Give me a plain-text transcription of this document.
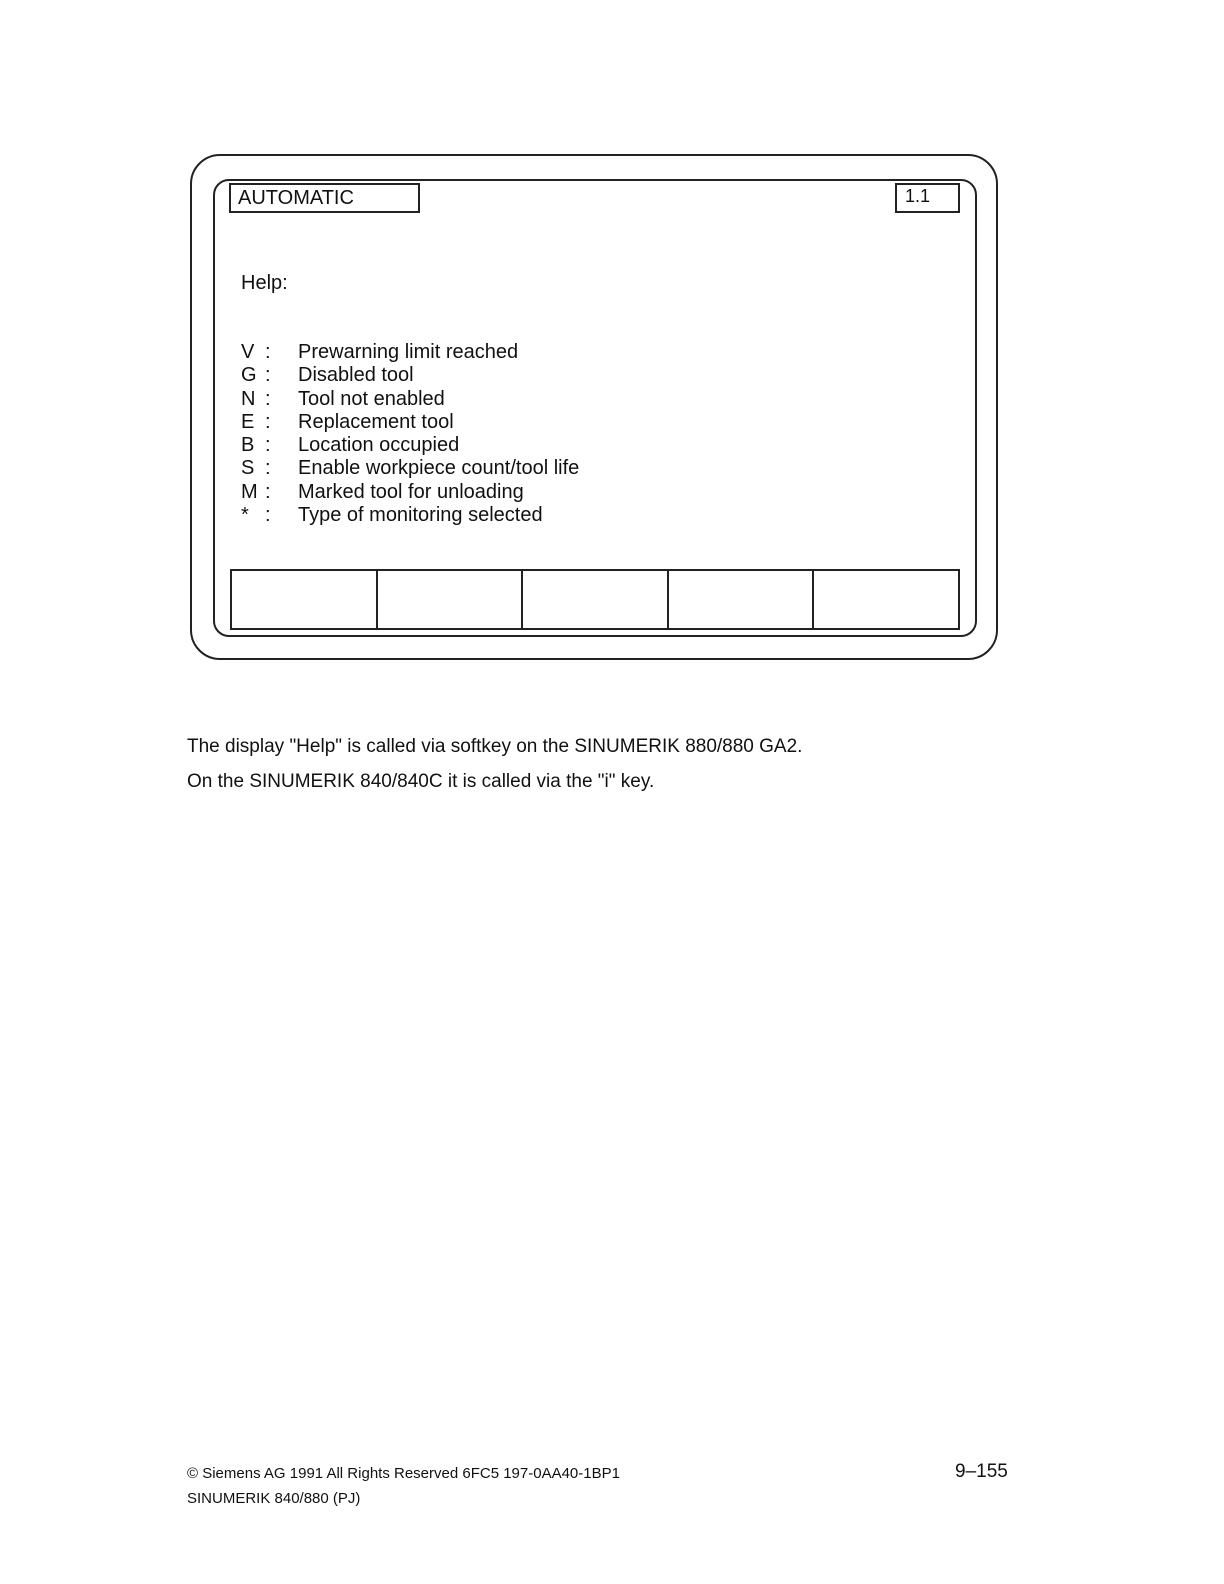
AUTOMATIC	1.1
Help:
V : Prewarning limit reached
G : Disabled tool
N : Tool not enabled
E : Replacement tool
B : Location occupied
S : Enable workpiece count/tool life
M : Marked tool for unloading
* : Type of monitoring selected
The display "Help" is called via softkey on the SINUMERIK 880/880 GA2.
On the SINUMERIK 840/840C it is called via the "i" key.
© Siemens AG 1991 All Rights Reserved 6FC5 197-0AA40-1BP1
SINUMERIK 840/880 (PJ)
9–155
